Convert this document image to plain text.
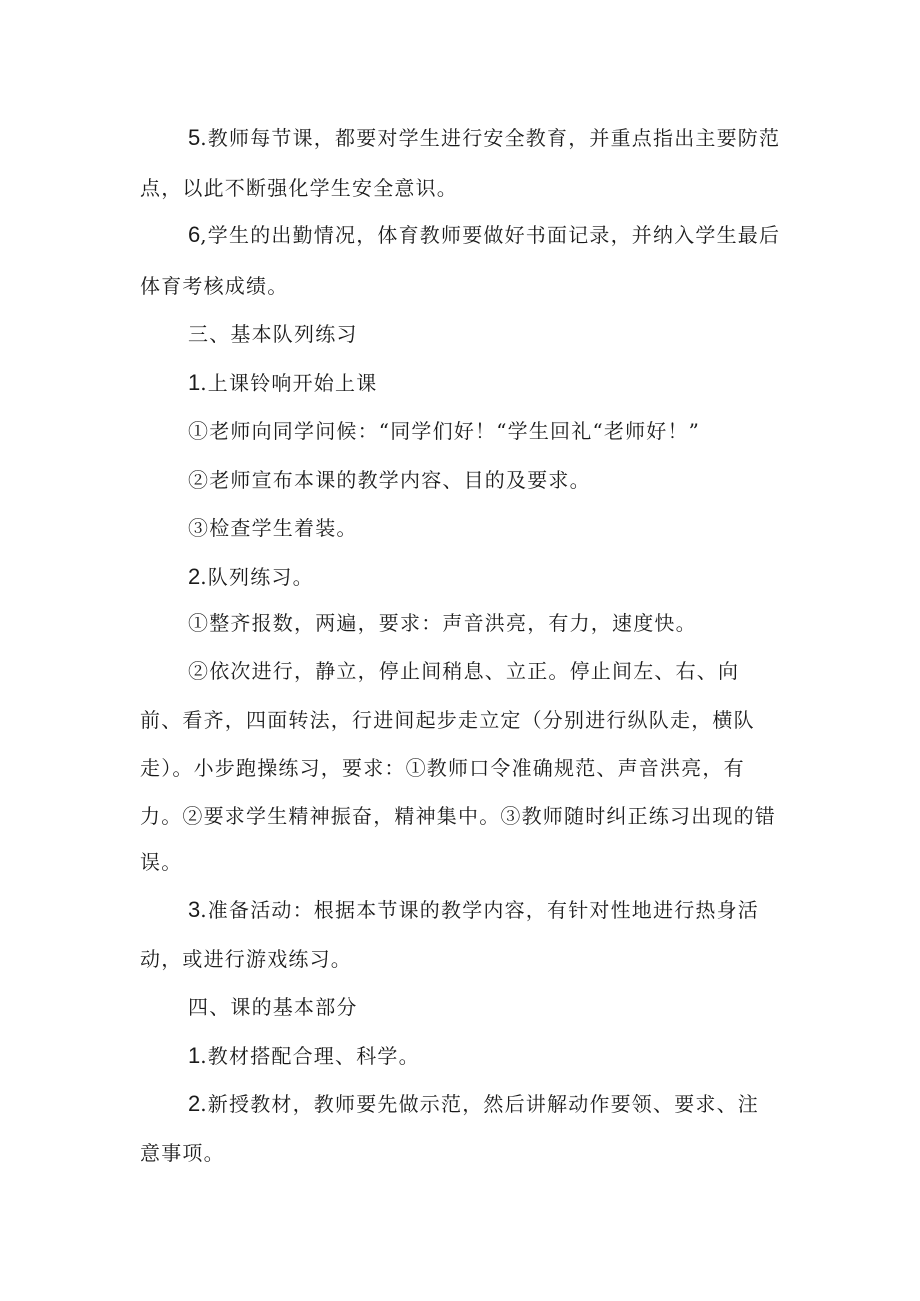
5.教师每节课，都要对学生进行安全教育，并重点指出主要防范
点，以此不断强化学生安全意识。
6,学生的出勤情况，体育教师要做好书面记录，并纳入学生最后
体育考核成绩。
三、基本队列练习
1.上课铃响开始上课
①老师向同学问候：“同学们好！“学生回礼“老师好！”
②老师宣布本课的教学内容、目的及要求。
③检查学生着装。
2.队列练习。
①整齐报数，两遍，要求：声音洪亮，有力，速度快。
②依次进行，静立，停止间稍息、立正。停止间左、右、向
前、看齐，四面转法，行进间起步走立定（分别进行纵队走，横队
走）。小步跑操练习，要求：①教师口令准确规范、声音洪亮，有
力。②要求学生精神振奋，精神集中。③教师随时纠正练习出现的错
误。
3.准备活动：根据本节课的教学内容，有针对性地进行热身活
动，或进行游戏练习。
四、课的基本部分
1.教材搭配合理、科学。
2.新授教材，教师要先做示范，然后讲解动作要领、要求、注
意事项。
